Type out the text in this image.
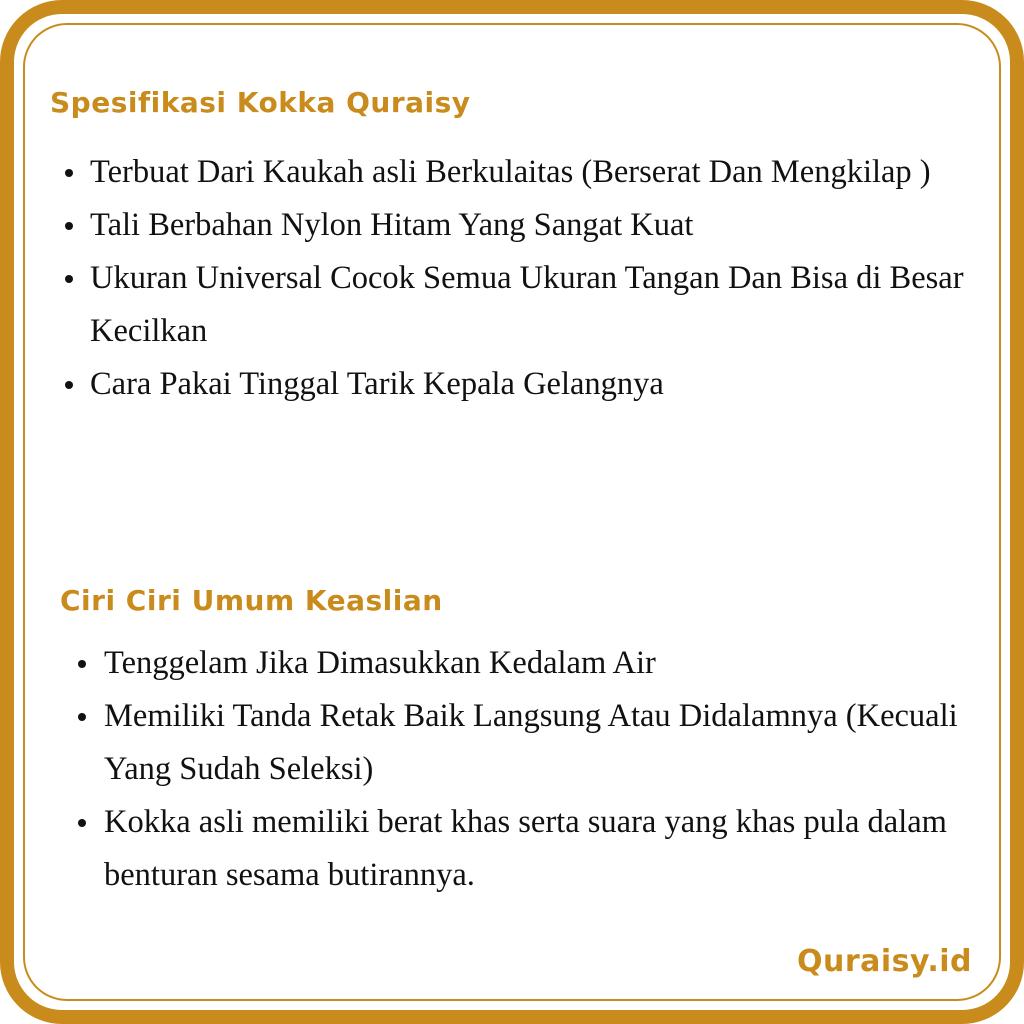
Spesifikasi Kokka Quraisy
Terbuat Dari Kaukah asli Berkulaitas (Berserat Dan Mengkilap )
Tali Berbahan Nylon Hitam Yang Sangat Kuat
Ukuran Universal Cocok Semua Ukuran Tangan Dan Bisa di Besar Kecilkan
Cara Pakai Tinggal Tarik Kepala Gelangnya
Ciri Ciri Umum Keaslian
Tenggelam Jika Dimasukkan Kedalam Air
Memiliki Tanda Retak Baik Langsung Atau Didalamnya (Kecuali Yang Sudah Seleksi)
Kokka asli memiliki berat khas serta suara yang khas pula dalam benturan sesama butirannya.
Quraisy.id
